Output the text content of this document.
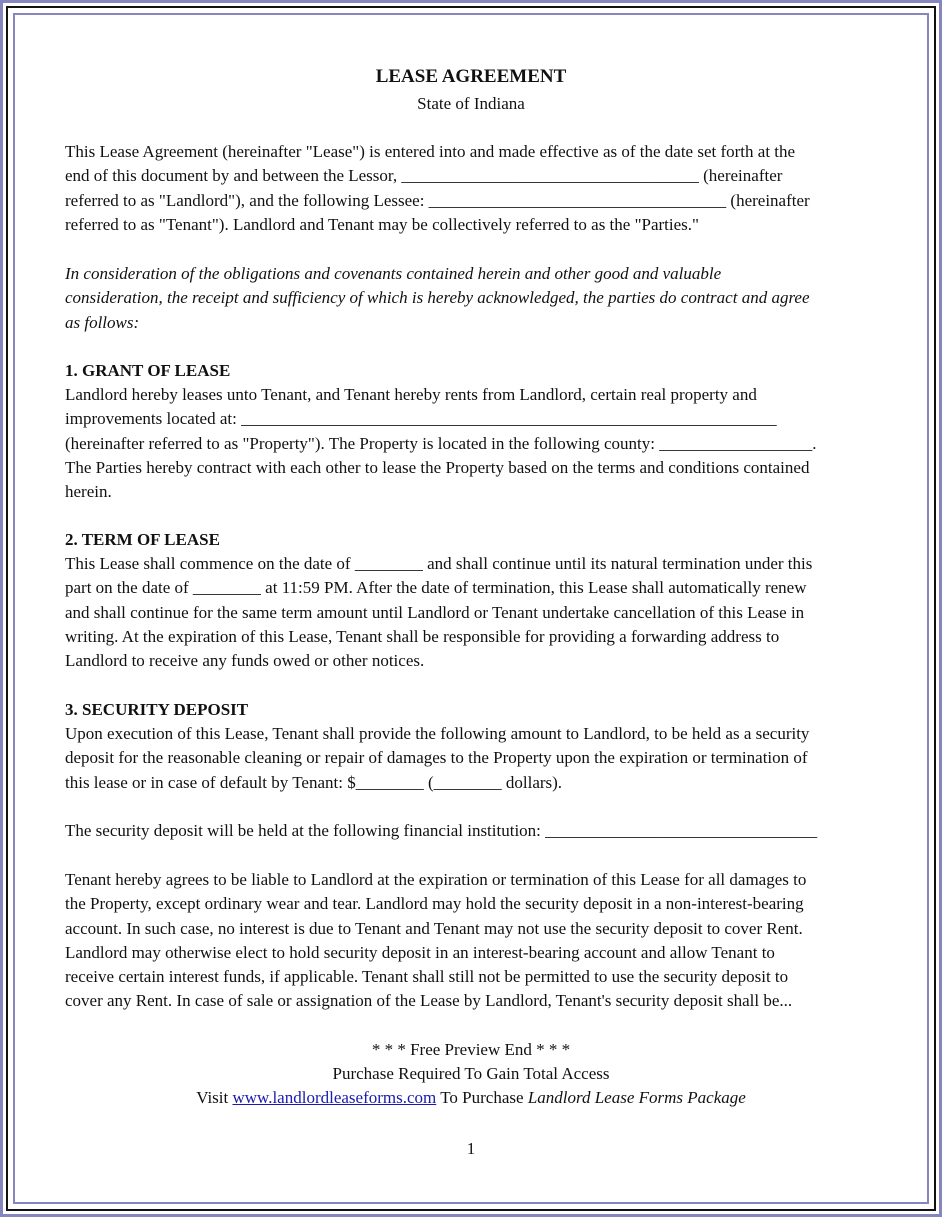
LEASE AGREEMENT
State of Indiana
This Lease Agreement (hereinafter "Lease") is entered into and made effective as of the date set forth at the
end of this document by and between the Lessor, ___________________________________ (hereinafter
referred to as "Landlord"), and the following Lessee: ___________________________________ (hereinafter
referred to as "Tenant"). Landlord and Tenant may be collectively referred to as the "Parties."
In consideration of the obligations and covenants contained herein and other good and valuable
consideration, the receipt and sufficiency of which is hereby acknowledged, the parties do contract and agree
as follows:
1. GRANT OF LEASE
Landlord hereby leases unto Tenant, and Tenant hereby rents from Landlord, certain real property and
improvements located at: _______________________________________________________________
(hereinafter referred to as "Property"). The Property is located in the following county: __________________.
The Parties hereby contract with each other to lease the Property based on the terms and conditions contained
herein.
2. TERM OF LEASE
This Lease shall commence on the date of ________ and shall continue until its natural termination under this
part on the date of ________ at 11:59 PM. After the date of termination, this Lease shall automatically renew
and shall continue for the same term amount until Landlord or Tenant undertake cancellation of this Lease in
writing. At the expiration of this Lease, Tenant shall be responsible for providing a forwarding address to
Landlord to receive any funds owed or other notices.
3. SECURITY DEPOSIT
Upon execution of this Lease, Tenant shall provide the following amount to Landlord, to be held as a security
deposit for the reasonable cleaning or repair of damages to the Property upon the expiration or termination of
this lease or in case of default by Tenant: $________ (________ dollars).
The security deposit will be held at the following financial institution: ________________________________
Tenant hereby agrees to be liable to Landlord at the expiration or termination of this Lease for all damages to
the Property, except ordinary wear and tear. Landlord may hold the security deposit in a non-interest-bearing
account. In such case, no interest is due to Tenant and Tenant may not use the security deposit to cover Rent.
Landlord may otherwise elect to hold security deposit in an interest-bearing account and allow Tenant to
receive certain interest funds, if applicable. Tenant shall still not be permitted to use the security deposit to
cover any Rent. In case of sale or assignation of the Lease by Landlord, Tenant's security deposit shall be...
* * * Free Preview End * * *
Purchase Required To Gain Total Access
Visit www.landlordleaseforms.com To Purchase Landlord Lease Forms Package
1
